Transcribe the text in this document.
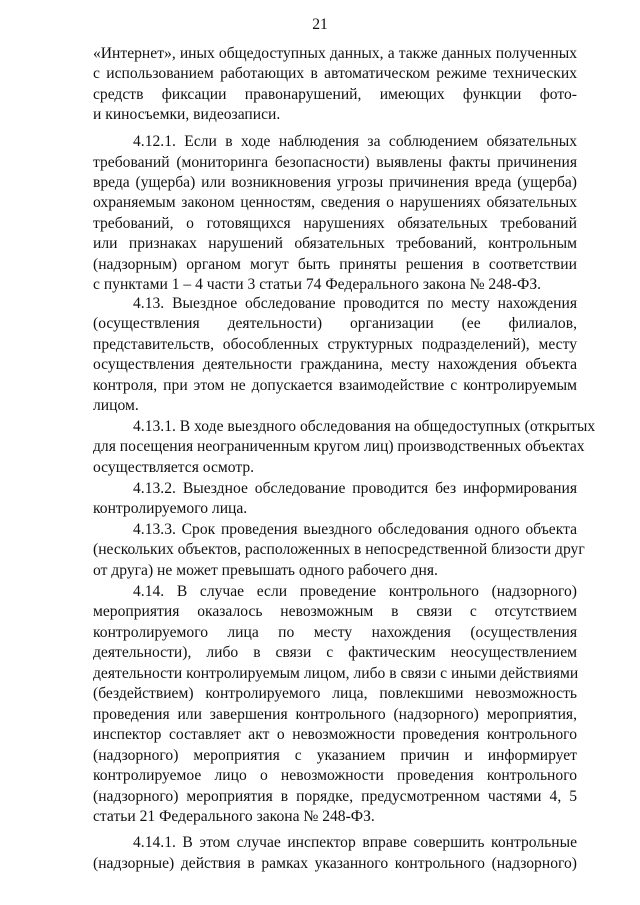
21
«Интернет», иных общедоступных данных, а также данных полученных
с использованием работающих в автоматическом режиме технических
средств фиксации правонарушений, имеющих функции фото-
и киносъемки, видеозаписи.
4.12.1. Если в ходе наблюдения за соблюдением обязательных
требований (мониторинга безопасности) выявлены факты причинения
вреда (ущерба) или возникновения угрозы причинения вреда (ущерба)
охраняемым законом ценностям, сведения о нарушениях обязательных
требований, о готовящихся нарушениях обязательных требований
или признаках нарушений обязательных требований, контрольным
(надзорным) органом могут быть приняты решения в соответствии
с пунктами 1 – 4 части 3 статьи 74 Федерального закона № 248-ФЗ.
4.13. Выездное обследование проводится по месту нахождения
(осуществления деятельности) организации (ее филиалов,
представительств, обособленных структурных подразделений), месту
осуществления деятельности гражданина, месту нахождения объекта
контроля, при этом не допускается взаимодействие с контролируемым
лицом.
4.13.1. В ходе выездного обследования на общедоступных (открытых
для посещения неограниченным кругом лиц) производственных объектах
осуществляется осмотр.
4.13.2. Выездное обследование проводится без информирования
контролируемого лица.
4.13.3. Срок проведения выездного обследования одного объекта
(нескольких объектов, расположенных в непосредственной близости друг
от друга) не может превышать одного рабочего дня.
4.14. В случае если проведение контрольного (надзорного)
мероприятия оказалось невозможным в связи с отсутствием
контролируемого лица по месту нахождения (осуществления
деятельности), либо в связи с фактическим неосуществлением
деятельности контролируемым лицом, либо в связи с иными действиями
(бездействием) контролируемого лица, повлекшими невозможность
проведения или завершения контрольного (надзорного) мероприятия,
инспектор составляет акт о невозможности проведения контрольного
(надзорного) мероприятия с указанием причин и информирует
контролируемое лицо о невозможности проведения контрольного
(надзорного) мероприятия в порядке, предусмотренном частями 4, 5
статьи 21 Федерального закона № 248-ФЗ.
4.14.1. В этом случае инспектор вправе совершить контрольные
(надзорные) действия в рамках указанного контрольного (надзорного)
